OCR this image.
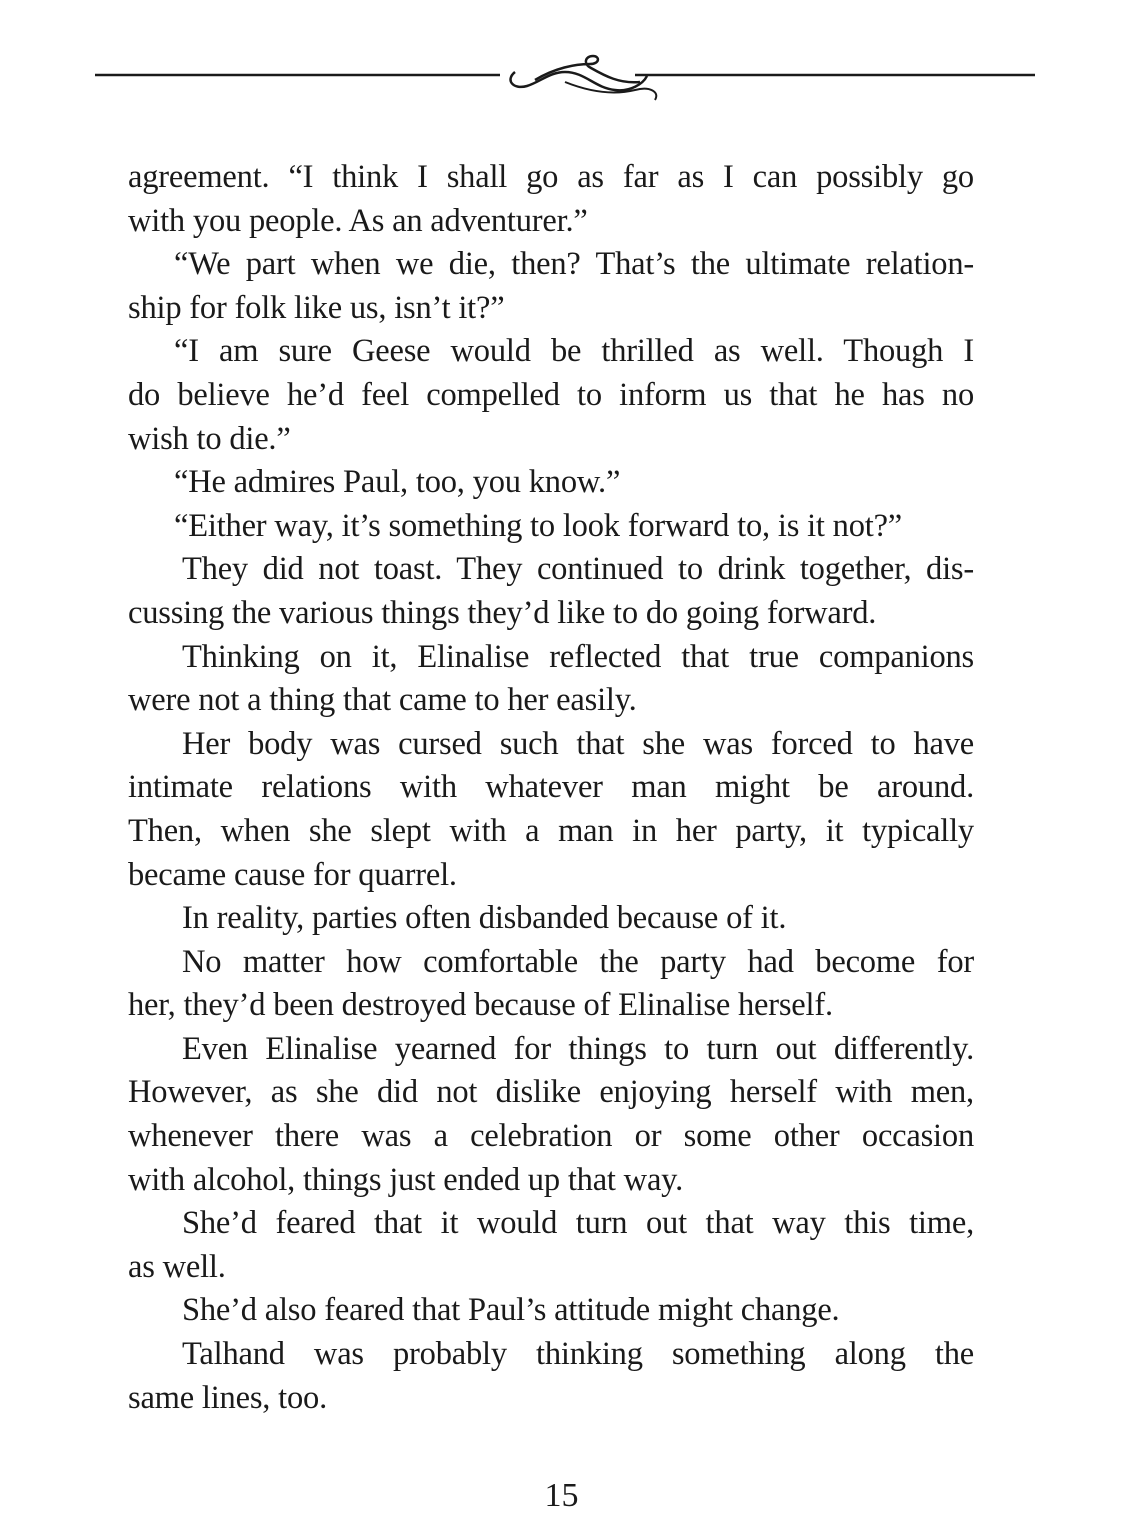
agreement. “I think I shall go as far as I can possibly go
with you people. As an adventurer.”
“We part when we die, then? That’s the ultimate relation-
ship for folk like us, isn’t it?”
“I am sure Geese would be thrilled as well. Though I
do believe he’d feel compelled to inform us that he has no
wish to die.”
“He admires Paul, too, you know.”
“Either way, it’s something to look forward to, is it not?”
They did not toast. They continued to drink together, dis-
cussing the various things they’d like to do going forward.
Thinking on it, Elinalise reflected that true companions
were not a thing that came to her easily.
Her body was cursed such that she was forced to have
intimate relations with whatever man might be around.
Then, when she slept with a man in her party, it typically
became cause for quarrel.
In reality, parties often disbanded because of it.
No matter how comfortable the party had become for
her, they’d been destroyed because of Elinalise herself.
Even Elinalise yearned for things to turn out differently.
However, as she did not dislike enjoying herself with men,
whenever there was a celebration or some other occasion
with alcohol, things just ended up that way.
She’d feared that it would turn out that way this time,
as well.
She’d also feared that Paul’s attitude might change.
Talhand was probably thinking something along the
same lines, too.
15
